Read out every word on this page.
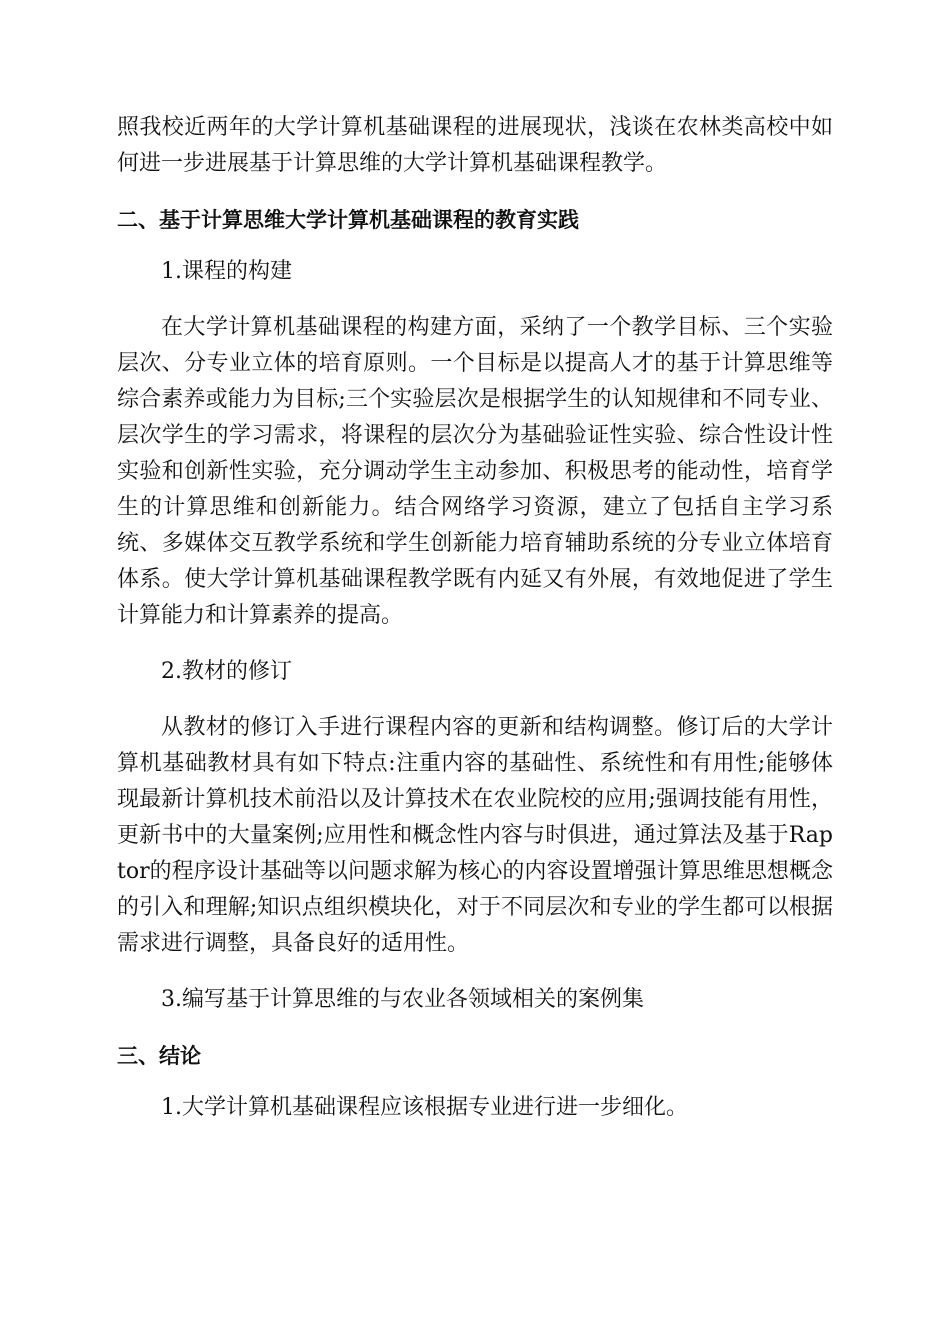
照我校近两年的大学计算机基础课程的进展现状，浅谈在农林类高校中如何进一步进展基于计算思维的大学计算机基础课程教学。

二、基于计算思维大学计算机基础课程的教育实践

1.课程的构建

在大学计算机基础课程的构建方面，采纳了一个教学目标、三个实验层次、分专业立体的培育原则。一个目标是以提高人才的基于计算思维等综合素养或能力为目标;三个实验层次是根据学生的认知规律和不同专业、层次学生的学习需求，将课程的层次分为基础验证性实验、综合性设计性实验和创新性实验，充分调动学生主动参加、积极思考的能动性，培育学生的计算思维和创新能力。结合网络学习资源，建立了包括自主学习系统、多媒体交互教学系统和学生创新能力培育辅助系统的分专业立体培育体系。使大学计算机基础课程教学既有内延又有外展，有效地促进了学生计算能力和计算素养的提高。

2.教材的修订

从教材的修订入手进行课程内容的更新和结构调整。修订后的大学计算机基础教材具有如下特点:注重内容的基础性、系统性和有用性;能够体现最新计算机技术前沿以及计算技术在农业院校的应用;强调技能有用性，更新书中的大量案例;应用性和概念性内容与时俱进，通过算法及基于Raptor的程序设计基础等以问题求解为核心的内容设置增强计算思维思想概念的引入和理解;知识点组织模块化，对于不同层次和专业的学生都可以根据需求进行调整，具备良好的适用性。

3.编写基于计算思维的与农业各领域相关的案例集

三、结论

1.大学计算机基础课程应该根据专业进行进一步细化。
